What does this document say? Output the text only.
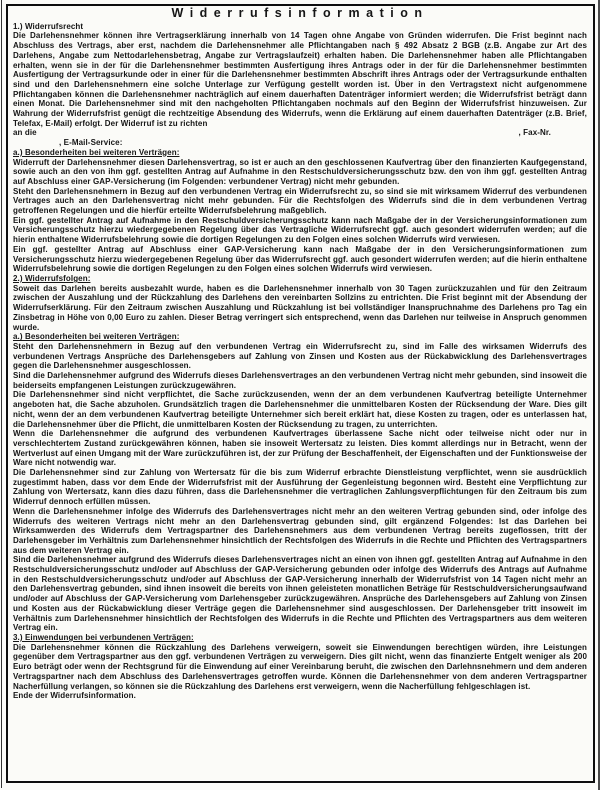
Widerrufsinformation
1.) Widerrufsrecht
Die Darlehensnehmer können ihre Vertragserklärung innerhalb von 14 Tagen ohne Angabe von Gründen widerrufen. Die Frist beginnt nach Abschluss des Vertrags, aber erst, nachdem die Darlehensnehmer alle Pflichtangaben nach § 492 Absatz 2 BGB (z.B. Angabe zur Art des Darlehens, Angabe zum Nettodarlehensbetrag, Angabe zur Vertragslaufzeit) erhalten haben. Die Darlehensnehmer haben alle Pflichtangaben erhalten, wenn sie in der für die Darlehensnehmer bestimmten Ausfertigung ihres Antrags oder in der für die Darlehensnehmer bestimmten Ausfertigung der Vertragsurkunde oder in einer für die Darlehensnehmer bestimmten Abschrift ihres Antrags oder der Vertragsurkunde enthalten sind und den Darlehensnehmern eine solche Unterlage zur Verfügung gestellt worden ist. Über in den Vertragstext nicht aufgenommene Pflichtangaben können die Darlehensnehmer nachträglich auf einem dauerhaften Datenträger informiert werden; die Widerrufsfrist beträgt dann einen Monat. Die Darlehensnehmer sind mit den nachgeholten Pflichtangaben nochmals auf den Beginn der Widerrufsfrist hinzuweisen. Zur Wahrung der Widerrufsfrist genügt die rechtzeitige Absendung des Widerrufs, wenn die Erklärung auf einem dauerhaften Datenträger (z.B. Brief, Telefax, E-Mail) erfolgt. Der Widerruf ist zu richten
an die	, Fax-Nr.
, E-Mail-Service:
a.) Besonderheiten bei weiteren Verträgen:
Widerruft der Darlehensnehmer diesen Darlehensvertrag, so ist er auch an den geschlossenen Kaufvertrag über den finanzierten Kaufgegenstand, sowie auch an den von ihm ggf. gestellten Antrag auf Aufnahme in den Restschuldversicherungsschutz bzw. den von ihm ggf. gestellten Antrag auf Abschluss einer GAP-Versicherung (im Folgenden: verbundener Vertrag) nicht mehr gebunden.
Steht den Darlehensnehmern in Bezug auf den verbundenen Vertrag ein Widerrufsrecht zu, so sind sie mit wirksamem Widerruf des verbundenen Vertrages auch an den Darlehensvertrag nicht mehr gebunden. Für die Rechtsfolgen des Widerrufs sind die in dem verbundenen Vertrag getroffenen Regelungen und die hierfür erteilte Widerrufsbelehrung maßgeblich.
Ein ggf. gestellter Antrag auf Aufnahme in den Restschuldversicherungsschutz kann nach Maßgabe der in der Versicherungsinformationen zum Versicherungsschutz hierzu wiedergegebenen Regelung über das Vertragliche Widerrufsrecht ggf. auch gesondert widerrufen werden; auf die hierin enthaltene Widerrufsbelehrung sowie die dortigen Regelungen zu den Folgen eines solchen Widerrufs wird verwiesen.
Ein ggf. gestellter Antrag auf Abschluss einer GAP-Versicherung kann nach Maßgabe der in den Versicherungsinformationen zum Versicherungsschutz hierzu wiedergegebenen Regelung über das Widerrufsrecht ggf. auch gesondert widerrufen werden; auf die hierin enthaltene Widerrufsbelehrung sowie die dortigen Regelungen zu den Folgen eines solchen Widerrufs wird verwiesen.
2.) Widerrufsfolgen:
Soweit das Darlehen bereits ausbezahlt wurde, haben es die Darlehensnehmer innerhalb von 30 Tagen zurückzuzahlen und für den Zeitraum zwischen der Auszahlung und der Rückzahlung des Darlehens den vereinbarten Sollzins zu entrichten. Die Frist beginnt mit der Absendung der Widerrufserklärung. Für den Zeitraum zwischen Auszahlung und Rückzahlung ist bei vollständiger Inanspruchnahme des Darlehens pro Tag ein Zinsbetrag in Höhe von 0,00 Euro zu zahlen. Dieser Betrag verringert sich entsprechend, wenn das Darlehen nur teilweise in Anspruch genommen wurde.
a.) Besonderheiten bei weiteren Verträgen:
Steht den Darlehensnehmern in Bezug auf den verbundenen Vertrag ein Widerrufsrecht zu, sind im Falle des wirksamen Widerrufs des verbundenen Vertrags Ansprüche des Darlehensgebers auf Zahlung von Zinsen und Kosten aus der Rückabwicklung des Darlehensvertrages gegen die Darlehensnehmer ausgeschlossen.
Sind die Darlehensnehmer aufgrund des Widerrufs dieses Darlehensvertrages an den verbundenen Vertrag nicht mehr gebunden, sind insoweit die beiderseits empfangenen Leistungen zurückzugewähren.
Die Darlehensnehmer sind nicht verpflichtet, die Sache zurückzusenden, wenn der an dem verbundenen Kaufvertrag beteiligte Unternehmer angeboten hat, die Sache abzuholen. Grundsätzlich tragen die Darlehensnehmer die unmittelbaren Kosten der Rücksendung der Ware. Dies gilt nicht, wenn der an dem verbundenen Kaufvertrag beteiligte Unternehmer sich bereit erklärt hat, diese Kosten zu tragen, oder es unterlassen hat, die Darlehensnehmer über die Pflicht, die unmittelbaren Kosten der Rücksendung zu tragen, zu unterrichten.
Wenn die Darlehensnehmer die aufgrund des verbundenen Kaufvertrages überlassene Sache nicht oder teilweise nicht oder nur in verschlechtertem Zustand zurückgewähren können, haben sie insoweit Wertersatz zu leisten. Dies kommt allerdings nur in Betracht, wenn der Wertverlust auf einen Umgang mit der Ware zurückzuführen ist, der zur Prüfung der Beschaffenheit, der Eigenschaften und der Funktionsweise der Ware nicht notwendig war.
Die Darlehensnehmer sind zur Zahlung von Wertersatz für die bis zum Widerruf erbrachte Dienstleistung verpflichtet, wenn sie ausdrücklich zugestimmt haben, dass vor dem Ende der Widerrufsfrist mit der Ausführung der Gegenleistung begonnen wird. Besteht eine Verpflichtung zur Zahlung von Wertersatz, kann dies dazu führen, dass die Darlehensnehmer die vertraglichen Zahlungsverpflichtungen für den Zeitraum bis zum Widerruf dennoch erfüllen müssen.
Wenn die Darlehensnehmer infolge des Widerrufs des Darlehensvertrages nicht mehr an den weiteren Vertrag gebunden sind, oder infolge des Widerrufs des weiteren Vertrags nicht mehr an den Darlehensvertrag gebunden sind, gilt ergänzend Folgendes: Ist das Darlehen bei Wirksamwerden des Widerrufs dem Vertragspartner des Darlehensnehmers aus dem verbundenen Vertrag bereits zugeflossen, tritt der Darlehensgeber im Verhältnis zum Darlehensnehmer hinsichtlich der Rechtsfolgen des Widerrufs in die Rechte und Pflichten des Vertragspartners aus dem weiteren Vertrag ein.
Sind die Darlehensnehmer aufgrund des Widerrufs dieses Darlehensvertrages nicht an einen von ihnen ggf. gestellten Antrag auf Aufnahme in den Restschuldversicherungsschutz und/oder auf Abschluss der GAP-Versicherung gebunden oder infolge des Widerrufs des Antrags auf Aufnahme in den Restschuldversicherungsschutz und/oder auf Abschluss der GAP-Versicherung innerhalb der Widerrufsfrist von 14 Tagen nicht mehr an den Darlehensvertrag gebunden, sind ihnen insoweit die bereits von ihnen geleisteten monatlichen Beträge für Restschuldversicherungsaufwand und/oder auf Abschluss der GAP-Versicherung vom Darlehensgeber zurückzugewähren. Ansprüche des Darlehensgebers auf Zahlung von Zinsen und Kosten aus der Rückabwicklung dieser Verträge gegen die Darlehensnehmer sind ausgeschlossen. Der Darlehensgeber tritt insoweit im Verhältnis zum Darlehensnehmer hinsichtlich der Rechtsfolgen des Widerrufs in die Rechte und Pflichten des Vertragspartners aus dem weiteren Vertrag ein.
3.) Einwendungen bei verbundenen Verträgen:
Die Darlehensnehmer können die Rückzahlung des Darlehens verweigern, soweit sie Einwendungen berechtigen würden, ihre Leistungen gegenüber dem Vertragspartner aus den ggf. verbundenen Verträgen zu verweigern. Dies gilt nicht, wenn das finanzierte Entgelt weniger als 200 Euro beträgt oder wenn der Rechtsgrund für die Einwendung auf einer Vereinbarung beruht, die zwischen den Darlehnsnehmern und dem anderen Vertragspartner nach dem Abschluss des Darlehensvertrages getroffen wurde. Können die Darlehensnehmer von dem anderen Vertragspartner Nacherfüllung verlangen, so können sie die Rückzahlung des Darlehens erst verweigern, wenn die Nacherfüllung fehlgeschlagen ist.
Ende der Widerrufsinformation.
